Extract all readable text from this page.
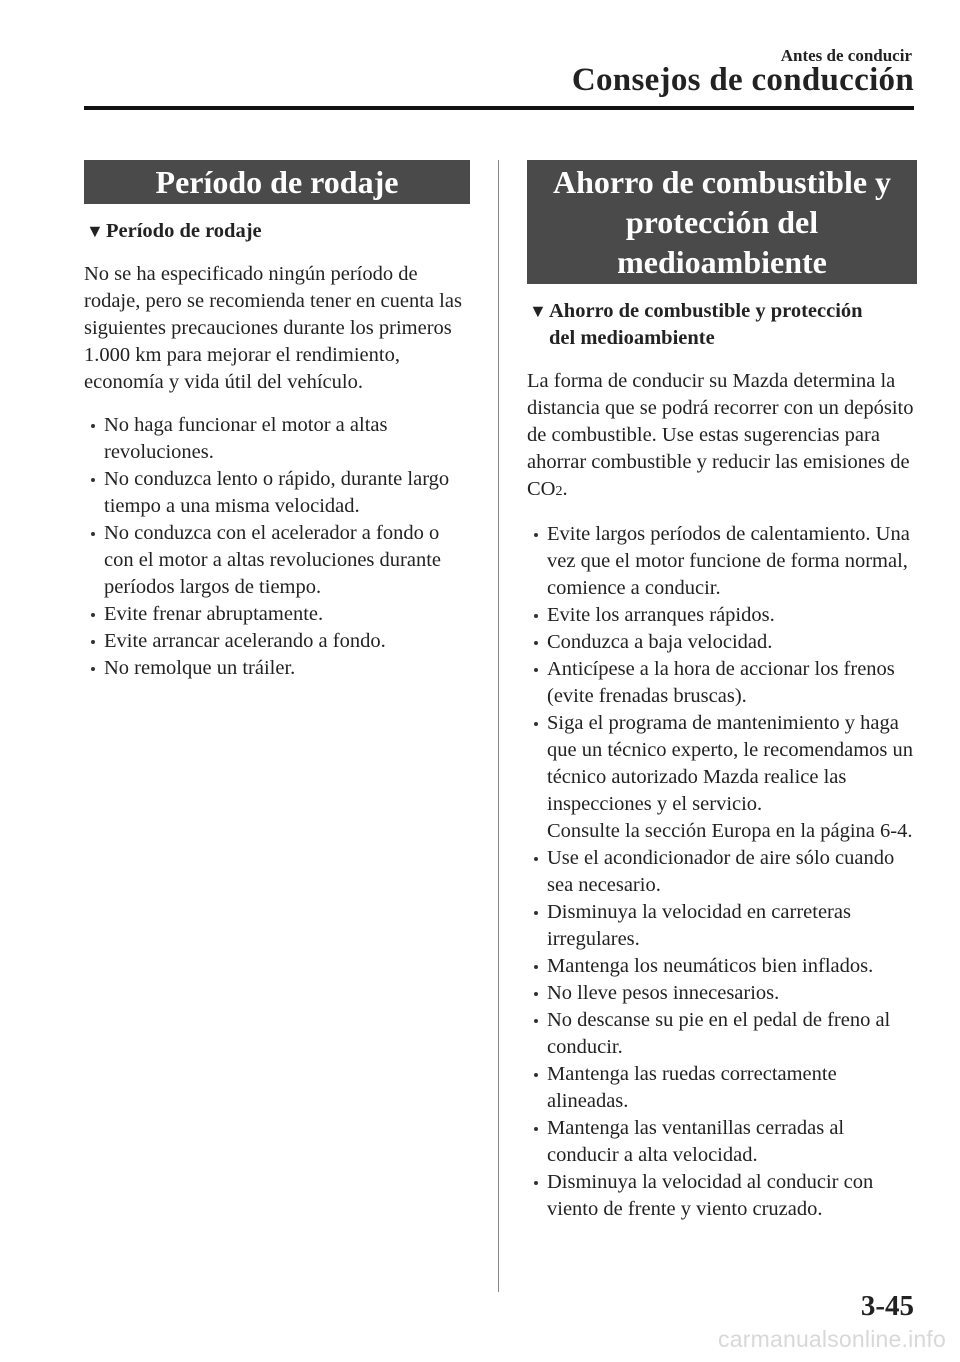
Antes de conducir
Consejos de conducción
Período de rodaje
▼ Período de rodaje
No se ha especificado ningún período de rodaje, pero se recomienda tener en cuenta las siguientes precauciones durante los primeros 1.000 km para mejorar el rendimiento, economía y vida útil del vehículo.
No haga funcionar el motor a altas revoluciones.
No conduzca lento o rápido, durante largo tiempo a una misma velocidad.
No conduzca con el acelerador a fondo o con el motor a altas revoluciones durante períodos largos de tiempo.
Evite frenar abruptamente.
Evite arrancar acelerando a fondo.
No remolque un tráiler.
Ahorro de combustible y
protección del
medioambiente
▼ Ahorro de combustible y protección
del medioambiente
La forma de conducir su Mazda determina la distancia que se podrá recorrer con un depósito de combustible. Use estas sugerencias para ahorrar combustible y reducir las emisiones de CO2.
Evite largos períodos de calentamiento. Una vez que el motor funcione de forma normal, comience a conducir.
Evite los arranques rápidos.
Conduzca a baja velocidad.
Anticípese a la hora de accionar los frenos (evite frenadas bruscas).
Siga el programa de mantenimiento y haga que un técnico experto, le recomendamos un técnico autorizado Mazda realice las inspecciones y el servicio.
Consulte la sección Europa en la página 6-4.
Use el acondicionador de aire sólo cuando sea necesario.
Disminuya la velocidad en carreteras irregulares.
Mantenga los neumáticos bien inflados.
No lleve pesos innecesarios.
No descanse su pie en el pedal de freno al conducir.
Mantenga las ruedas correctamente alineadas.
Mantenga las ventanillas cerradas al conducir a alta velocidad.
Disminuya la velocidad al conducir con viento de frente y viento cruzado.
3-45
carmanualsonline.info
